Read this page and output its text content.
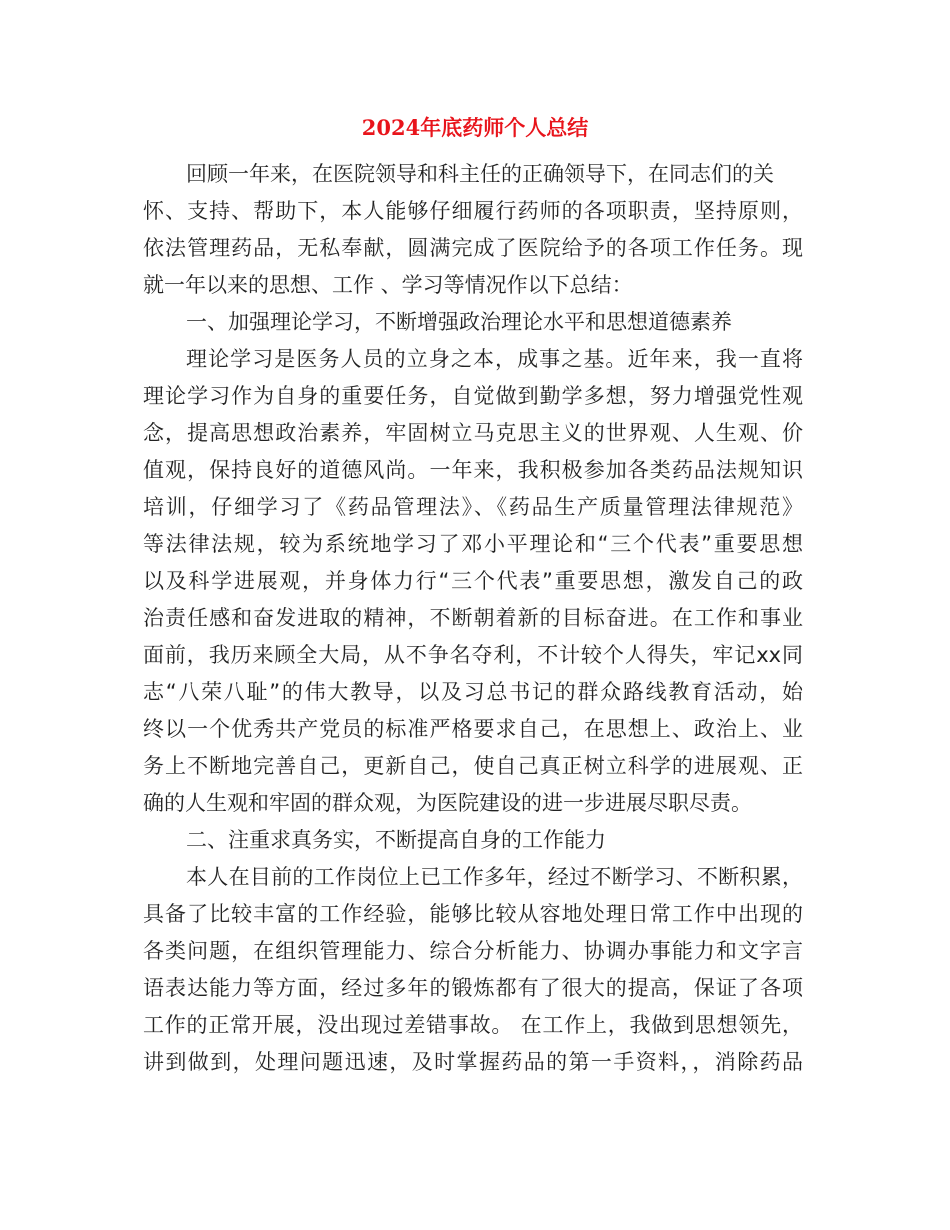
2024年底药师个人总结
回顾一年来，在医院领导和科主任的正确领导下，在同志们的关
怀、支持、帮助下，本人能够仔细履行药师的各项职责，坚持原则，
依法管理药品，无私奉献，圆满完成了医院给予的各项工作任务。现
就一年以来的思想、工作 、学习等情况作以下总结：
一、加强理论学习，不断增强政治理论水平和思想道德素养
理论学习是医务人员的立身之本，成事之基。近年来，我一直将
理论学习作为自身的重要任务，自觉做到勤学多想，努力增强党性观
念，提高思想政治素养，牢固树立马克思主义的世界观、人生观、价
值观，保持良好的道德风尚。一年来，我积极参加各类药品法规知识
培训，仔细学习了《药品管理法》、《药品生产质量管理法律规范》
等法律法规，较为系统地学习了邓小平理论和“三个代表”重要思想
以及科学进展观，并身体力行“三个代表”重要思想，激发自己的政
治责任感和奋发进取的精神，不断朝着新的目标奋进。在工作和事业
面前，我历来顾全大局，从不争名夺利，不计较个人得失，牢记xx同
志“八荣八耻”的伟大教导，以及习总书记的群众路线教育活动，始
终以一个优秀共产党员的标准严格要求自己，在思想上、政治上、业
务上不断地完善自己，更新自己，使自己真正树立科学的进展观、正
确的人生观和牢固的群众观，为医院建设的进一步进展尽职尽责。
二、注重求真务实，不断提高自身的工作能力
本人在目前的工作岗位上已工作多年，经过不断学习、不断积累，
具备了比较丰富的工作经验，能够比较从容地处理日常工作中出现的
各类问题，在组织管理能力、综合分析能力、协调办事能力和文字言
语表达能力等方面，经过多年的锻炼都有了很大的提高，保证了各项
工作的正常开展，没出现过差错事故。 在工作上，我做到思想领先，
讲到做到，处理问题迅速，及时掌握药品的第一手资料，，消除药品
